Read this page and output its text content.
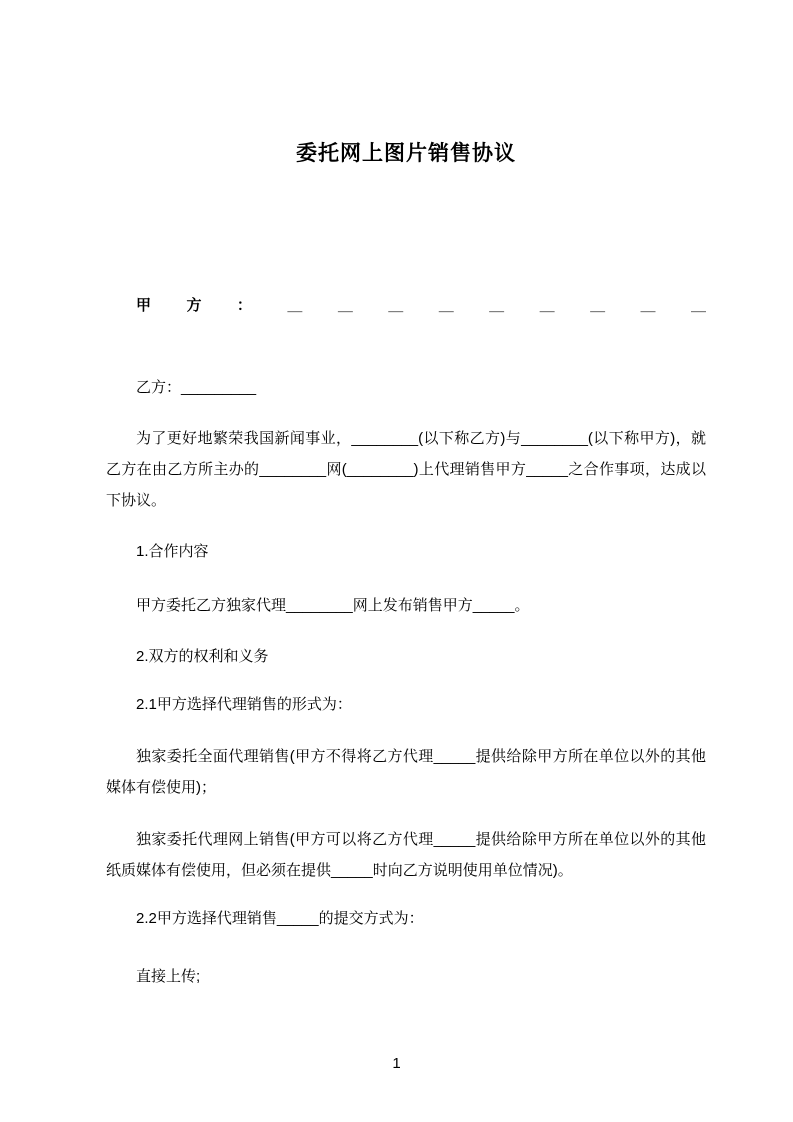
委托网上图片销售协议
甲 方 ： ＿ ＿ ＿ ＿ ＿ ＿ ＿ ＿ ＿

乙方：_________

为了更好地繁荣我国新闻事业，________(以下称乙方)与________(以下称甲方)，就乙方在由乙方所主办的________网(________)上代理销售甲方_____之合作事项，达成以下协议。

1.合作内容

甲方委托乙方独家代理________网上发布销售甲方_____。

2.双方的权利和义务

2.1甲方选择代理销售的形式为：

独家委托全面代理销售(甲方不得将乙方代理_____提供给除甲方所在单位以外的其他媒体有偿使用)；

独家委托代理网上销售(甲方可以将乙方代理_____提供给除甲方所在单位以外的其他纸质媒体有偿使用，但必须在提供_____时向乙方说明使用单位情况)。

2.2甲方选择代理销售_____的提交方式为：

直接上传;

1
